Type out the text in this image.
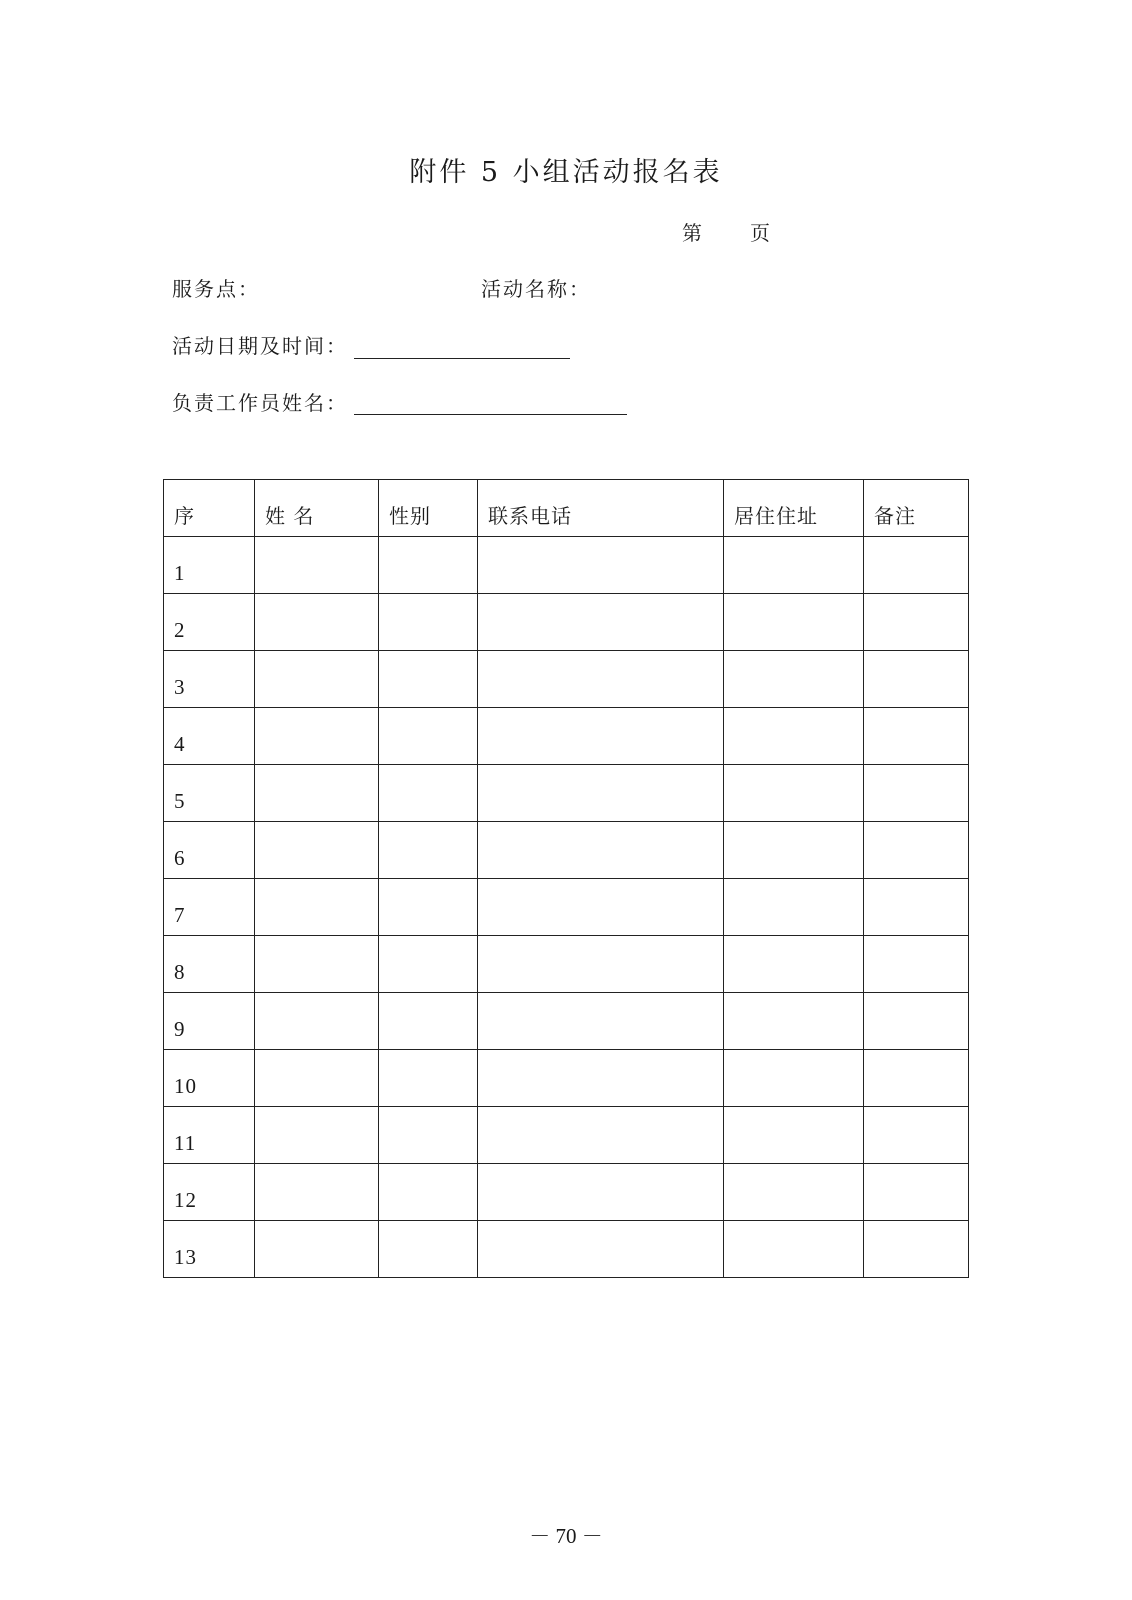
附件 5 小组活动报名表
第 页
服务点：	活动名称：
活动日期及时间：
负责工作员姓名：
序	姓 名	性别	联系电话	居住住址	备注
1					
2					
3					
4					
5					
6					
7					
8					
9					
10					
11					
12					
13					
－ 70 －
